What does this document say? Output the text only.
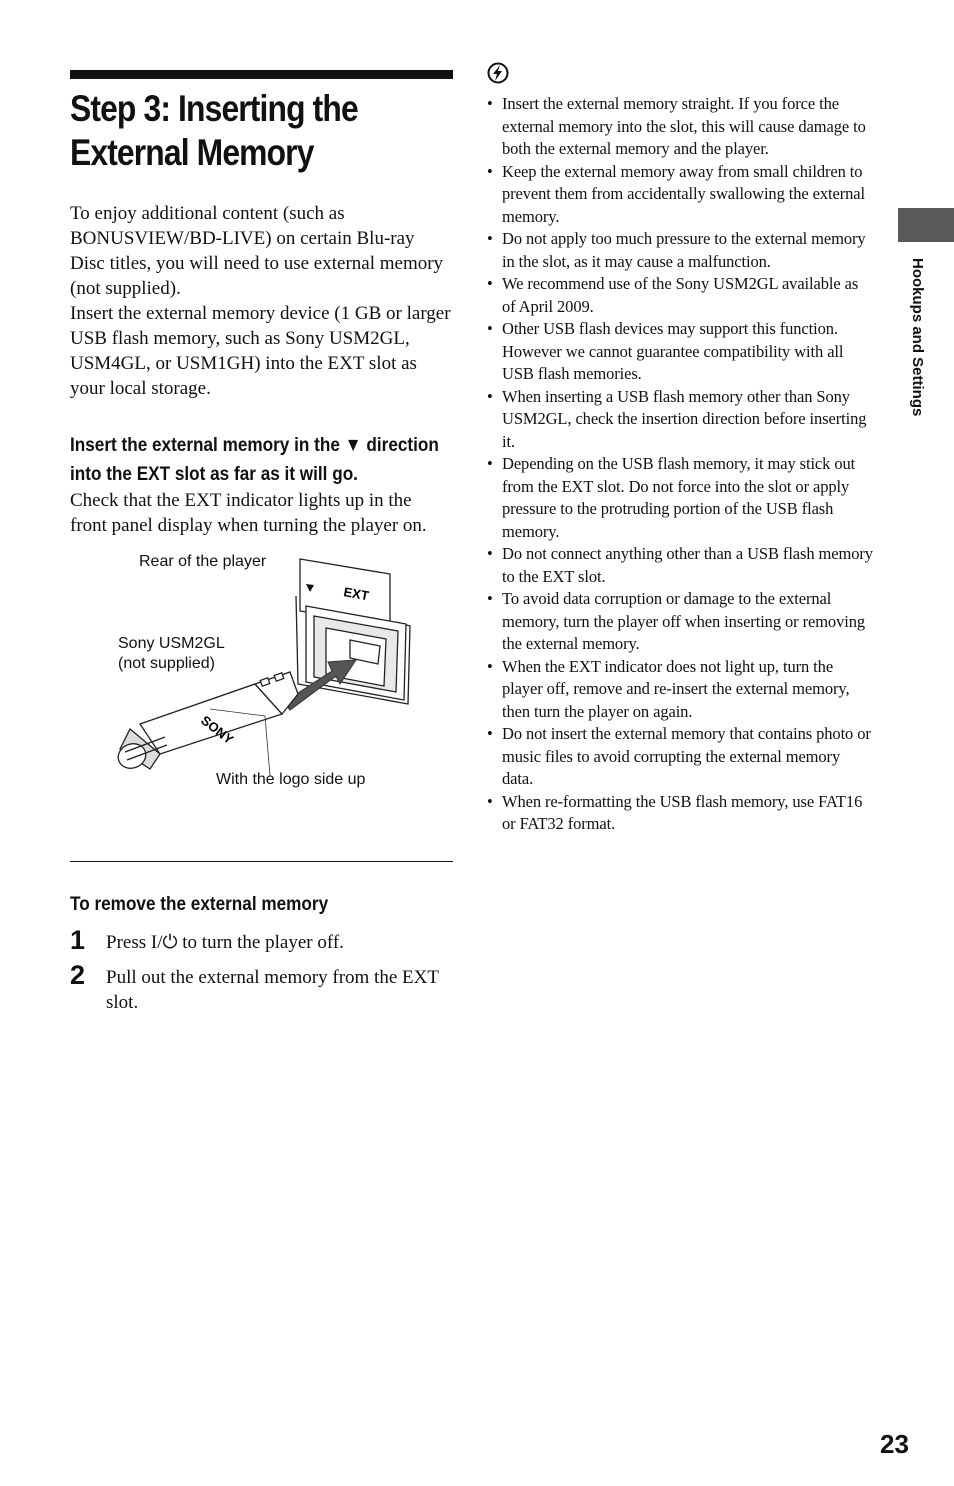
Step 3: Inserting the
External Memory

To enjoy additional content (such as BONUSVIEW/BD-LIVE) on certain Blu-ray Disc titles, you will need to use external memory (not supplied).

Insert the external memory device (1 GB or larger USB flash memory, such as Sony USM2GL, USM4GL, or USM1GH) into the EXT slot as your local storage.

Insert the external memory in the ▼ direction into the EXT slot as far as it will go.

Check that the EXT indicator lights up in the front panel display when turning the player on.

EXT
SONY
Rear of the player
Sony USM2GL
(not supplied)
With the logo side up
To remove the external memory
1 Press I/⏻ to turn the player off.
2 Pull out the external memory from the EXT slot.
• Insert the external memory straight. If you force the external memory into the slot, this will cause damage to both the external memory and the player.
• Keep the external memory away from small children to prevent them from accidentally swallowing the external memory.
• Do not apply too much pressure to the external memory in the slot, as it may cause a malfunction.
• We recommend use of the Sony USM2GL available as of April 2009.
• Other USB flash devices may support this function. However we cannot guarantee compatibility with all USB flash memories.
• When inserting a USB flash memory other than Sony USM2GL, check the insertion direction before inserting it.
• Depending on the USB flash memory, it may stick out from the EXT slot. Do not force into the slot or apply pressure to the protruding portion of the USB flash memory.
• Do not connect anything other than a USB flash memory to the EXT slot.
• To avoid data corruption or damage to the external memory, turn the player off when inserting or removing the external memory.
• When the EXT indicator does not light up, turn the player off, remove and re-insert the external memory, then turn the player on again.
• Do not insert the external memory that contains photo or music files to avoid corrupting the external memory data.
• When re-formatting the USB flash memory, use FAT16 or FAT32 format.
Hookups and Settings
23
